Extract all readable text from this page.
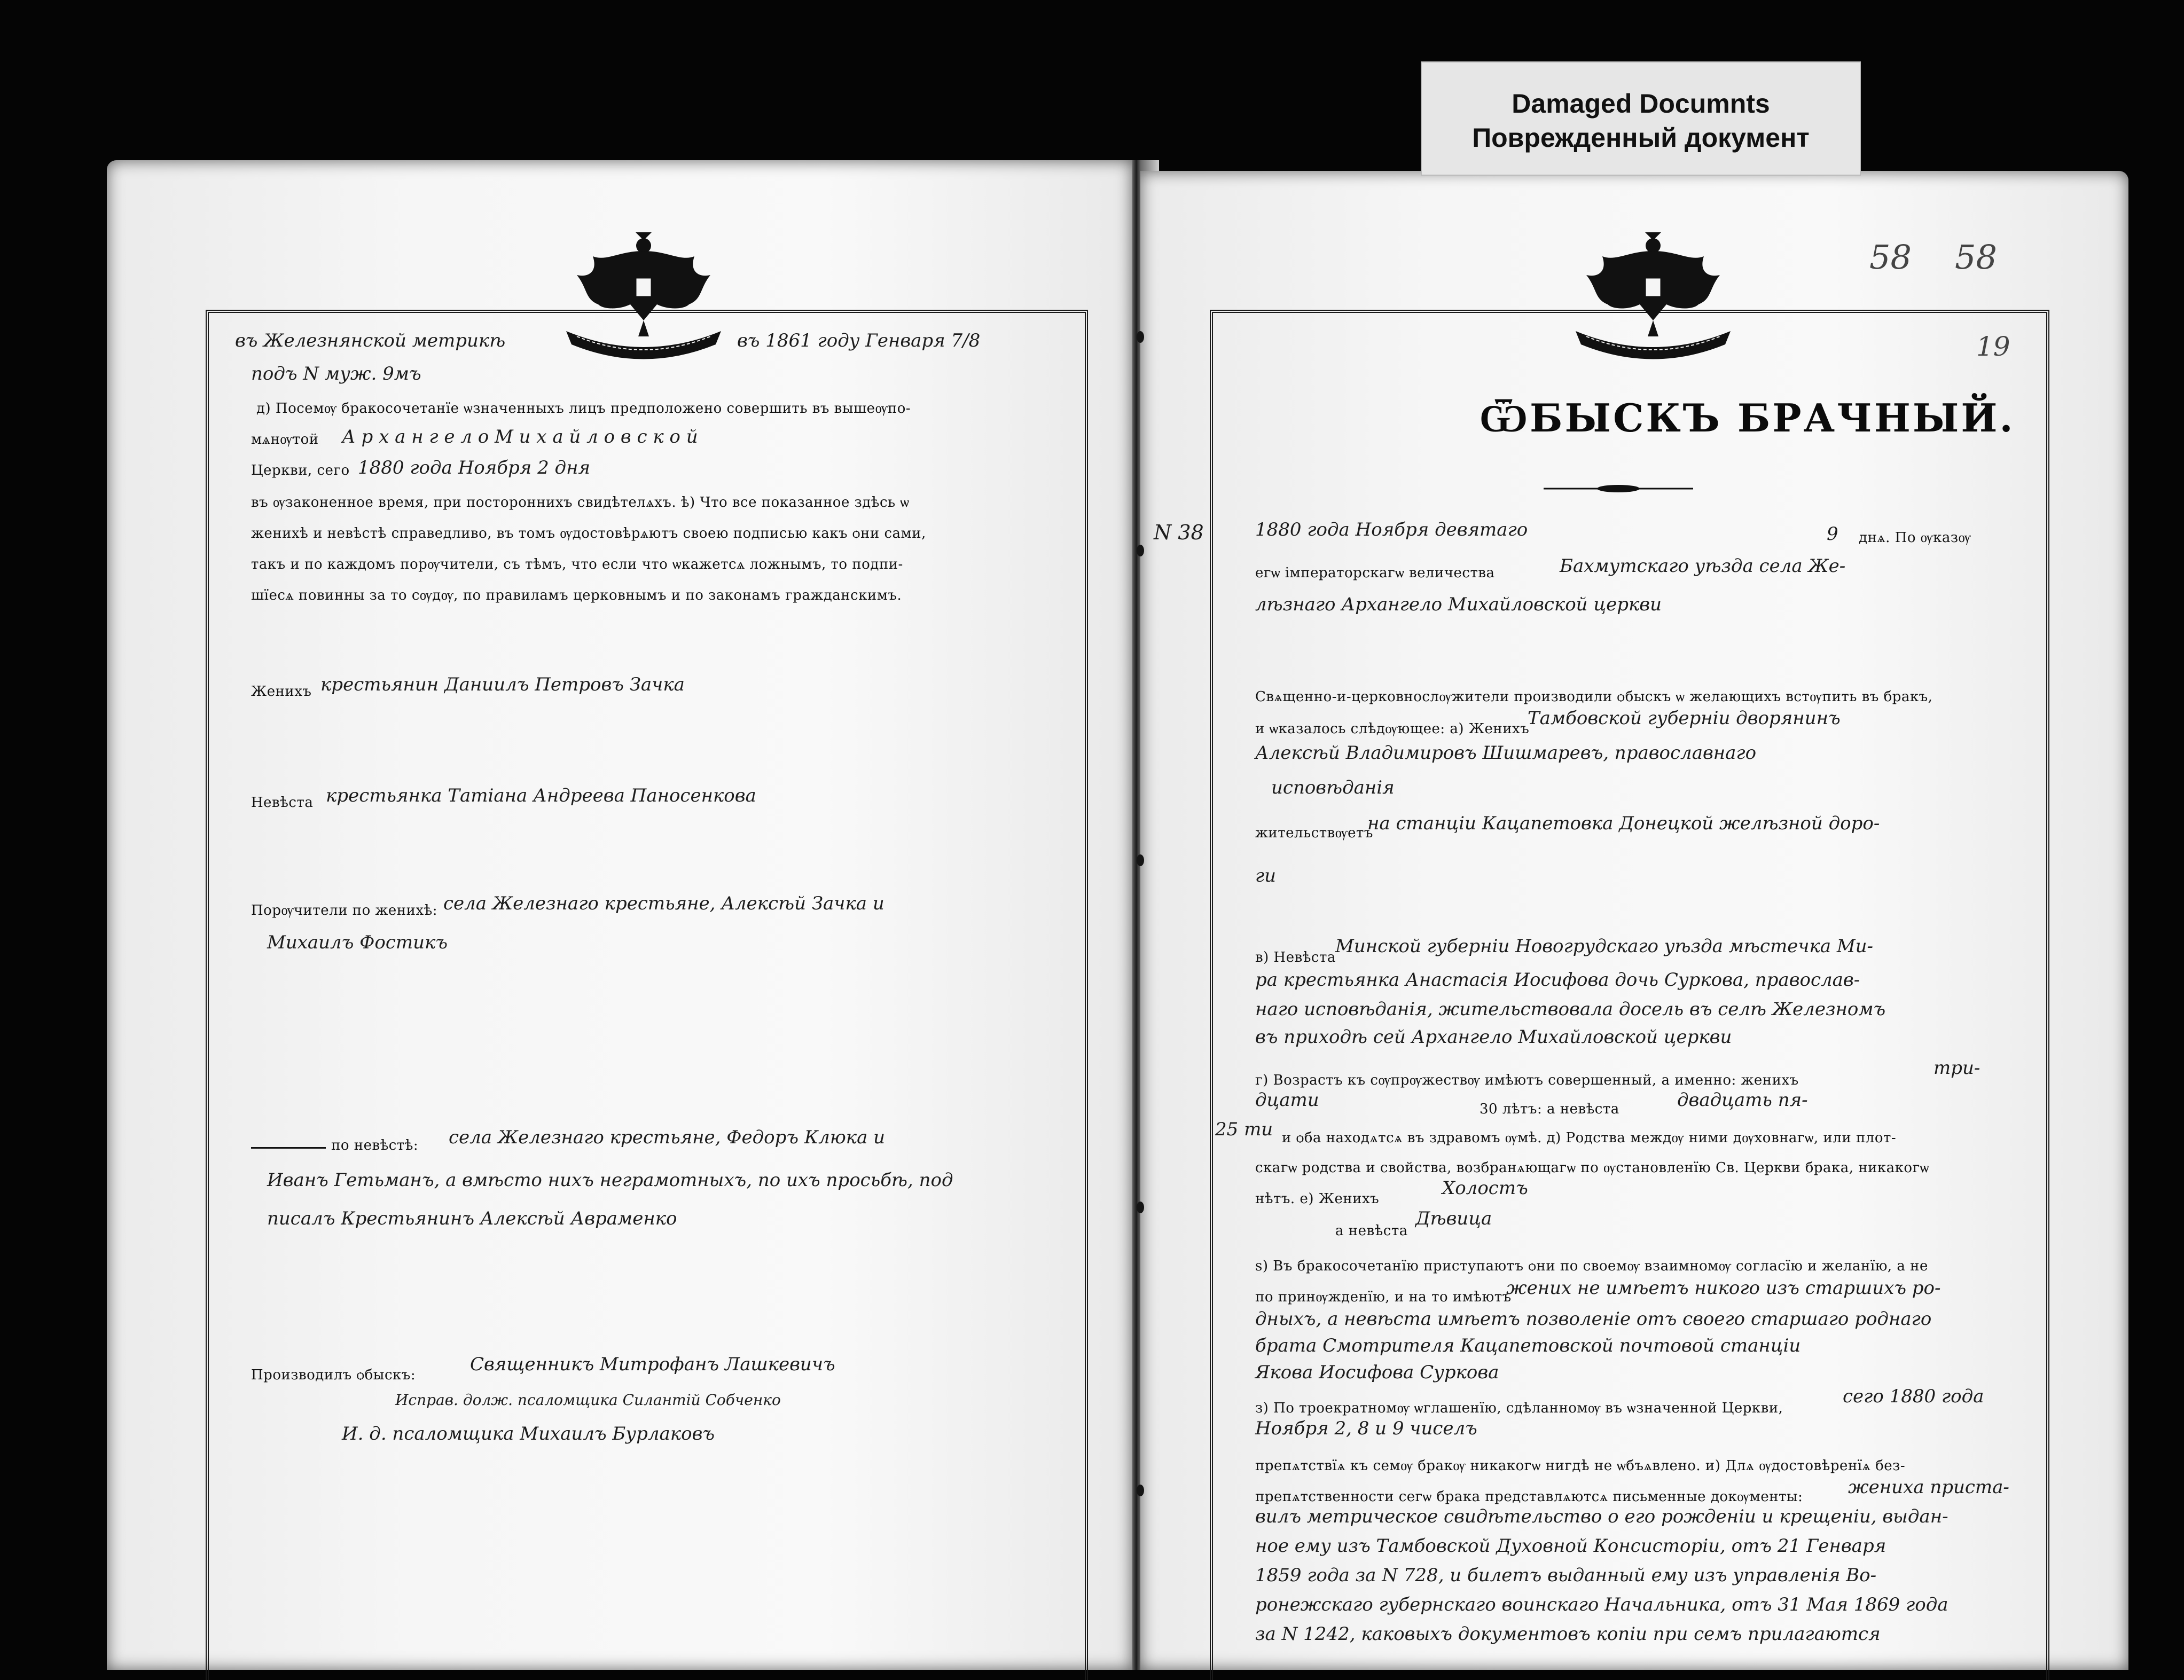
Damaged Documnts
Поврежденный документ
58 58
19
въ Железнянской метрикѣ	въ 1861 году Генваря 7/8
подъ N муж. 9мъ
д) Посемѹ бракосочетанїе ѡзначенныхъ лицъ предположено совершить въ вышеѹпо-
мѧнѹтой А р х а н г е л о М и х а й л о в с к о й
Церкви, сего 1880 года Ноября 2 дня
въ ѹзаконенное время, при постороннихъ свидѣтелѧхъ. ѣ) Что все показанное здѣсь ѡ
женихѣ и невѣстѣ справедливо, въ томъ ѹдостовѣрѧютъ своею подписью какъ ѻни сами,
такъ и по каждомъ порѹчители, съ тѣмъ, что если что ѡкажетсѧ ложнымъ, то подпи-
шїесѧ повинны за то сѹдѹ, по правиламъ церковнымъ и по законамъ гражданскимъ.
Женихъ крестьянин Даниилъ Петровъ Зачка
Невѣста крестьянка Татiана Андреева Паносенкова
Порѹчители по женихѣ: села Железнаго крестьяне, Алексѣй Зачка и
Михаилъ Фостикъ
по невѣстѣ: села Железнаго крестьяне, Федоръ Клюка и
Иванъ Гетьманъ, а вмѣсто нихъ неграмотныхъ, по ихъ просьбѣ, под
писалъ Крестьянинъ Алексѣй Авраменко
Производилъ ѻбыскъ:	Священникъ Митрофанъ Лашкевичъ
Исправ. долж. псаломщика Силантiй Собченко
И. д. псаломщика Михаилъ Бурлаковъ
ѾБЫСКЪ БРАЧНЫЙ.
N 38	1880 года Ноября девятаго	9 днѧ. По ѹказѹ
егѡ імператорскагѡ величества	Бахмутскаго уѣзда села Же-
лѣзнаго Архангело Михайловской церкви
Свѧщенно-и-церковнослѹжители производили ѻбыскъ ѡ желающихъ встѹпить въ бракъ,
и ѡказалось слѣдѹющее: а) Женихъ
Тамбовской губернiи дворянинъ
Алексѣй Владимировъ Шишмаревъ, православнаго
исповѣданiя
жительствѹетъ
на станцiи Кацапетовка Донецкой желѣзной доро-
ги
в) Невѣста
Минской губернiи Новогрудскаго уѣзда мѣстечка Ми-
ра крестьянка Анастасiя Иосифова дочь Суркова, православ-
наго исповѣданiя, жительствовала досель въ селѣ Железномъ
въ приходѣ сей Архангело Михайловской церкви
г) Возрастъ къ сѹпрѹжествѹ имѣютъ совершенный, а именно: женихъ
три-
дцати	30 лѣтъ: а невѣста	двадцать пя-
25 ти и ѻба находѧтсѧ въ здравомъ ѹмѣ. д) Родства междѹ ними дѹховнагѡ, или плот-
скагѡ родства и свойства, возбранѧющагѡ по ѹстановленїю Св. Церкви брака, никакогѡ
нѣтъ. е) Женихъ	Холостъ
а невѣста
Дѣвица
ѕ) Въ бракосочетанїю приступаютъ ѻни по своемѹ взаимномѹ согласїю и желанїю, а не
по принѹжденїю, и на то имѣютъ
жених не имѣетъ никого изъ старшихъ ро-
дныхъ, а невѣста имѣетъ позволенiе отъ своего старшаго роднаго
брата Смотрителя Кацапетовской почтовой станцiи
Якова Иосифова Суркова
з) По троекратномѹ ѡглашенїю, сдѣланномѹ въ ѡзначенной Церкви,
сего 1880 года
Ноября 2, 8 и 9 чиселъ
препѧтствїѧ къ семѹ бракѹ никакогѡ нигдѣ не ѡбъѧвлено. и) Длѧ ѹдостовѣренїѧ без-
препѧтственности сегѡ брака представлѧютсѧ письменные докѹменты: жениха приста-
вилъ метрическое свидѣтельство о его рожденiи и крещенiи, выдан-
ное ему изъ Тамбовской Духовной Консисторiи, отъ 21 Генваря
1859 года за N 728, и билетъ выданный ему изъ управленiя Во-
ронежскаго губернскаго воинскаго Начальника, отъ 31 Мая 1869 года
за N 1242, каковыхъ документовъ копiи при семъ прилагаются
